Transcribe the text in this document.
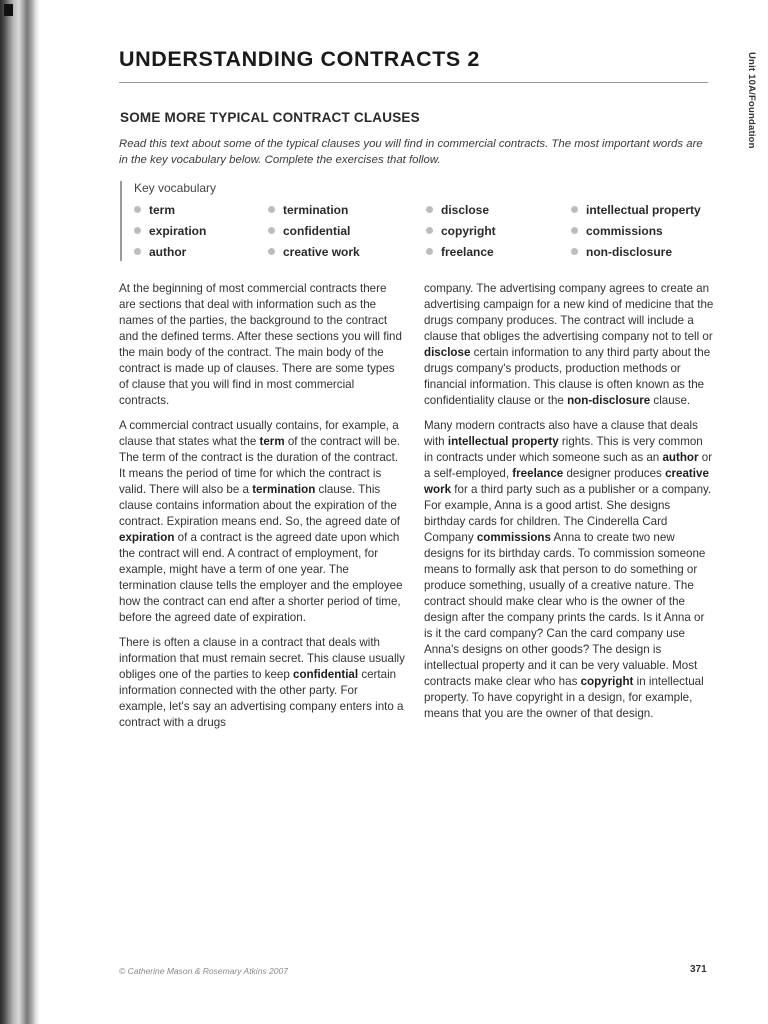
UNDERSTANDING CONTRACTS 2	Unit 10A/Foundation
SOME MORE TYPICAL CONTRACT CLAUSES
Read this text about some of the typical clauses you will find in commercial contracts. The most important words are in the key vocabulary below. Complete the exercises that follow.
Key vocabulary
term
expiration
author
termination
confidential
creative work
disclose
copyright
freelance
intellectual property
commissions
non-disclosure

At the beginning of most commercial contracts there are sections that deal with information such as the names of the parties, the background to the contract and the defined terms. After these sections you will find the main body of the contract. The main body of the contract is made up of clauses. There are some types of clause that you will find in most commercial contracts.

A commercial contract usually contains, for example, a clause that states what the term of the contract will be. The term of the contract is the duration of the contract. It means the period of time for which the contract is valid. There will also be a termination clause. This clause contains information about the expiration of the contract. Expiration means end. So, the agreed date of expiration of a contract is the agreed date upon which the contract will end. A contract of employment, for example, might have a term of one year. The termination clause tells the employer and the employee how the contract can end after a shorter period of time, before the agreed date of expiration.

There is often a clause in a contract that deals with information that must remain secret. This clause usually obliges one of the parties to keep confidential certain information connected with the other party. For example, let's say an advertising company enters into a contract with a drugs

company. The advertising company agrees to create an advertising campaign for a new kind of medicine that the drugs company produces. The contract will include a clause that obliges the advertising company not to tell or disclose certain information to any third party about the drugs company's products, production methods or financial information. This clause is often known as the confidentiality clause or the non-disclosure clause.

Many modern contracts also have a clause that deals with intellectual property rights. This is very common in contracts under which someone such as an author or a self-employed, freelance designer produces creative work for a third party such as a publisher or a company. For example, Anna is a good artist. She designs birthday cards for children. The Cinderella Card Company commissions Anna to create two new designs for its birthday cards. To commission someone means to formally ask that person to do something or produce something, usually of a creative nature. The contract should make clear who is the owner of the design after the company prints the cards. Is it Anna or is it the card company? Can the card company use Anna's designs on other goods? The design is intellectual property and it can be very valuable. Most contracts make clear who has copyright in intellectual property. To have copyright in a design, for example, means that you are the owner of that design.

© Catherine Mason & Rosemary Atkins 2007	371
